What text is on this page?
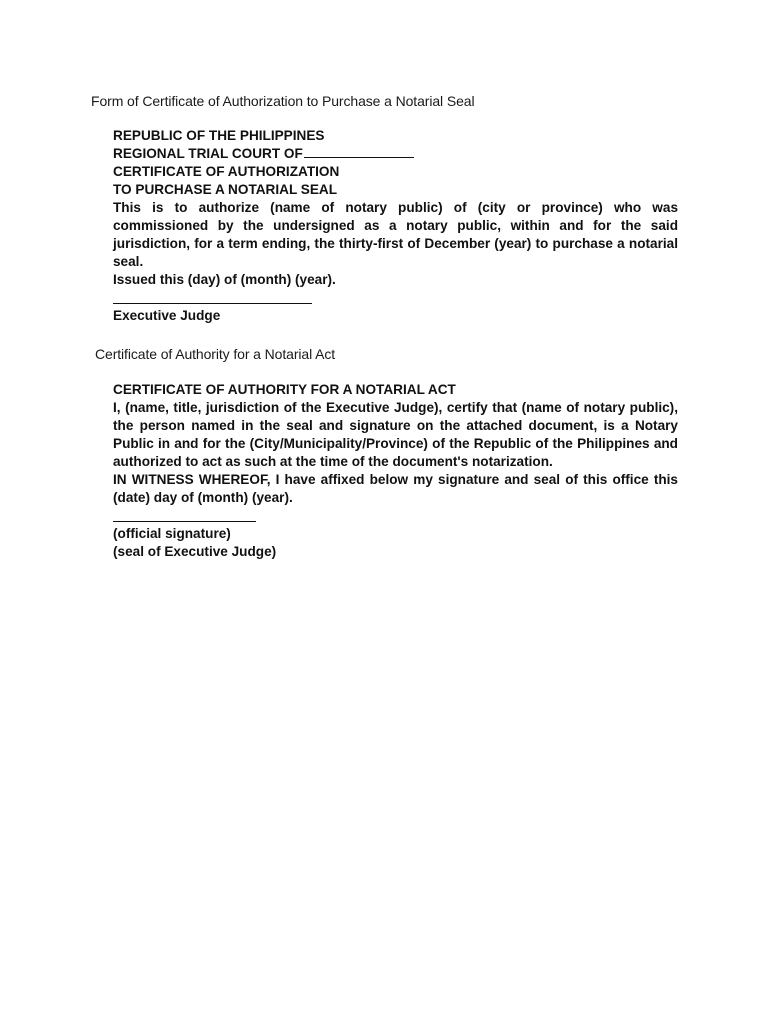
Form of Certificate of Authorization to Purchase a Notarial Seal
REPUBLIC OF THE PHILIPPINES
REGIONAL TRIAL COURT OF
CERTIFICATE OF AUTHORIZATION
TO PURCHASE A NOTARIAL SEAL
This is to authorize (name of notary public) of (city or province) who was commissioned by the undersigned as a notary public, within and for the said jurisdiction, for a term ending, the thirty-first of December (year) to purchase a notarial seal.
Issued this (day) of (month) (year).
Executive Judge
Certificate of Authority for a Notarial Act
CERTIFICATE OF AUTHORITY FOR A NOTARIAL ACT
I, (name, title, jurisdiction of the Executive Judge), certify that (name of notary public), the person named in the seal and signature on the attached document, is a Notary Public in and for the (City/Municipality/Province) of the Republic of the Philippines and authorized to act as such at the time of the document's notarization.
IN WITNESS WHEREOF, I have affixed below my signature and seal of this office this (date) day of (month) (year).
(official signature)
(seal of Executive Judge)
